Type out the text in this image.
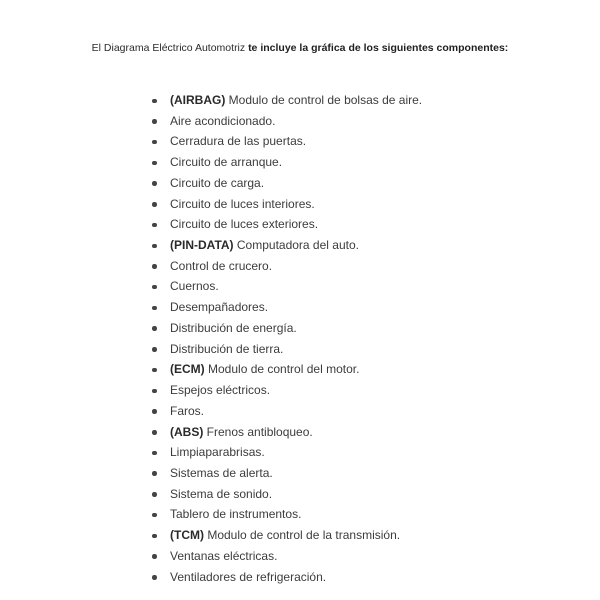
El Diagrama Eléctrico Automotriz te incluye la gráfica de los siguientes componentes:
(AIRBAG) Modulo de control de bolsas de aire.
Aire acondicionado.
Cerradura de las puertas.
Circuito de arranque.
Circuito de carga.
Circuito de luces interiores.
Circuito de luces exteriores.
(PIN-DATA) Computadora del auto.
Control de crucero.
Cuernos.
Desempañadores.
Distribución de energía.
Distribución de tierra.
(ECM) Modulo de control del motor.
Espejos eléctricos.
Faros.
(ABS) Frenos antibloqueo.
Limpiaparabrisas.
Sistemas de alerta.
Sistema de sonido.
Tablero de instrumentos.
(TCM) Modulo de control de la transmisión.
Ventanas eléctricas.
Ventiladores de refrigeración.
